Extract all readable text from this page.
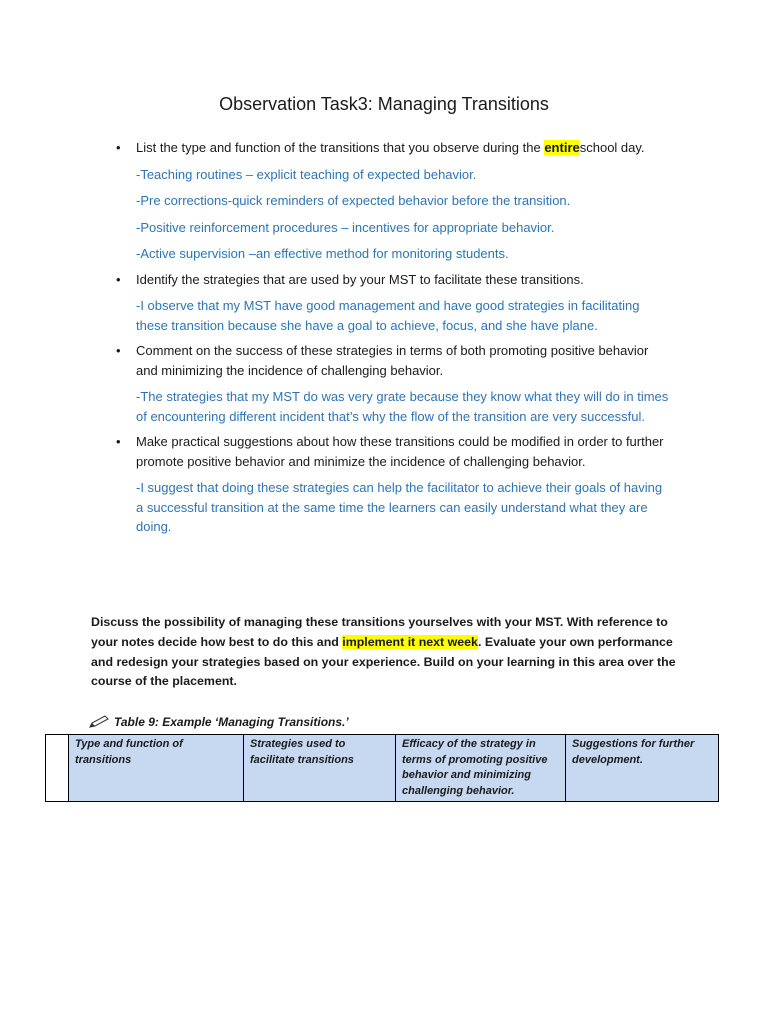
Observation Task3: Managing Transitions
• List the type and function of the transitions that you observe during the entireschool day.
-Teaching routines – explicit teaching of expected behavior.
-Pre corrections-quick reminders of expected behavior before the transition.
-Positive reinforcement procedures – incentives for appropriate behavior.
-Active supervision –an effective method for monitoring students.
• Identify the strategies that are used by your MST to facilitate these transitions.
-I observe that my MST have good management and have good strategies in facilitating these transition because she have a goal to achieve, focus, and she have plane.
• Comment on the success of these strategies in terms of both promoting positive behavior and minimizing the incidence of challenging behavior.
-The strategies that my MST do was very grate because they know what they will do in times of encountering different incident that’s why the flow of the transition are very successful.
• Make practical suggestions about how these transitions could be modified in order to further promote positive behavior and minimize the incidence of challenging behavior.
-I suggest that doing these strategies can help the facilitator to achieve their goals of having a successful transition at the same time the learners can easily understand what they are doing.
Discuss the possibility of managing these transitions yourselves with your MST. With reference to your notes decide how best to do this and implement it next week. Evaluate your own performance and redesign your strategies based on your experience. Build on your learning in this area over the course of the placement.
Table 9: Example ‘Managing Transitions.’
	Type and function of transitions	Strategies used to facilitate transitions	Efficacy of the strategy in terms of promoting positive behavior and minimizing challenging behavior.	Suggestions for further development.
